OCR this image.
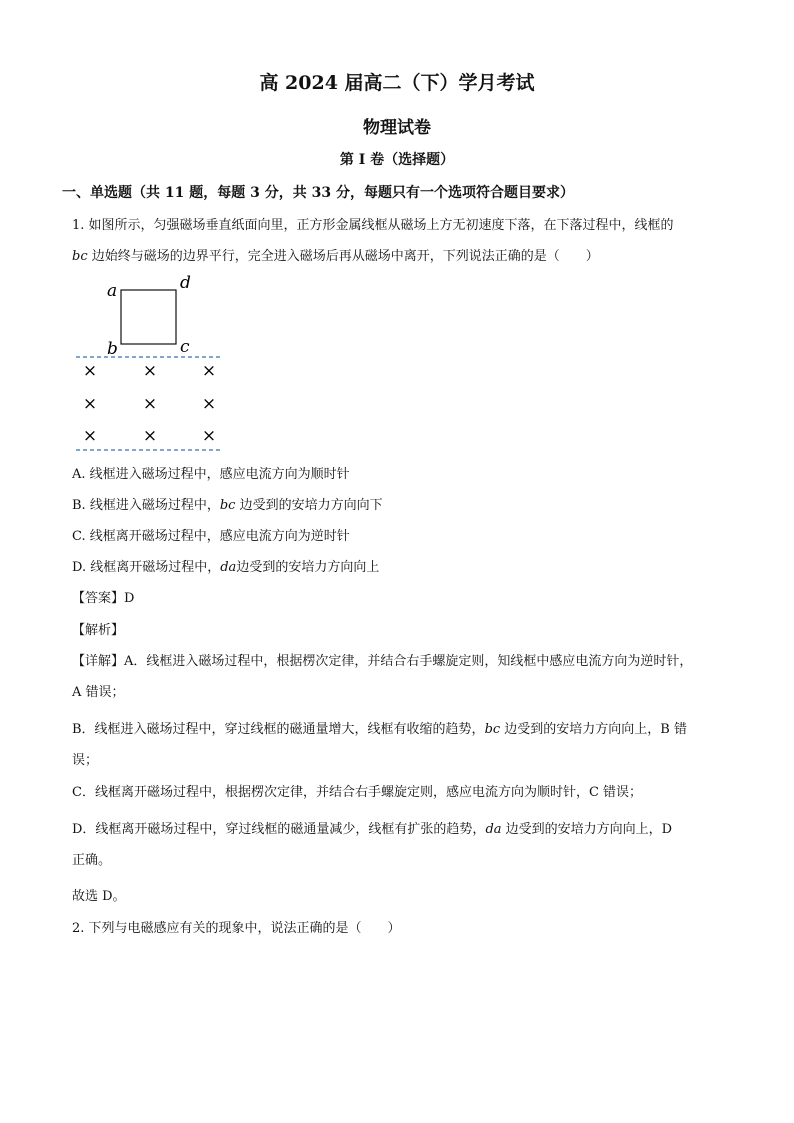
高 2024 届高二（下）学月考试
物理试卷
第 I 卷（选择题）
一、单选题（共 11 题，每题 3 分，共 33 分，每题只有一个选项符合题目要求）
1. 如图所示，匀强磁场垂直纸面向里，正方形金属线框从磁场上方无初速度下落，在下落过程中，线框的
bc 边始终与磁场的边界平行，完全进入磁场后再从磁场中离开，下列说法正确的是（　　）
a	d
b	c
×	×	×
×	×	×
×	×	×
A. 线框进入磁场过程中，感应电流方向为顺时针
B. 线框进入磁场过程中，bc 边受到的安培力方向向下
C. 线框离开磁场过程中，感应电流方向为逆时针
D. 线框离开磁场过程中，da边受到的安培力方向向上
【答案】D
【解析】
【详解】A．线框进入磁场过程中，根据楞次定律，并结合右手螺旋定则，知线框中感应电流方向为逆时针，
A 错误；
B．线框进入磁场过程中，穿过线框的磁通量增大，线框有收缩的趋势，bc 边受到的安培力方向向上，B 错
误；
C．线框离开磁场过程中，根据楞次定律，并结合右手螺旋定则，感应电流方向为顺时针，C 错误；
D．线框离开磁场过程中，穿过线框的磁通量减少，线框有扩张的趋势，da 边受到的安培力方向向上，D
正确。
故选 D。
2. 下列与电磁感应有关的现象中，说法正确的是（　　）
